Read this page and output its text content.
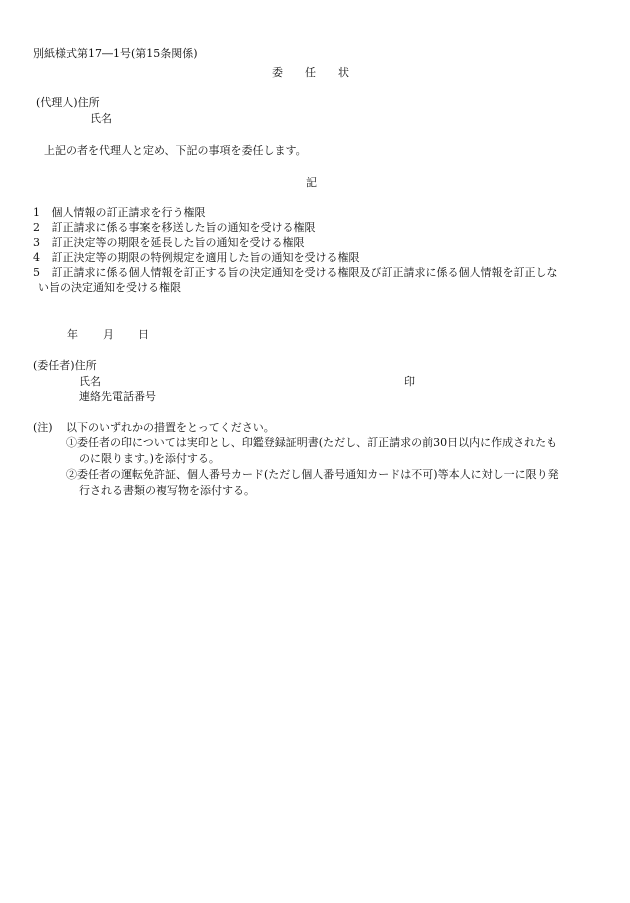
別紙様式第17―1号(第15条関係)
委　　任　　状
(代理人)住所
氏名
上記の者を代理人と定め、下記の事項を委任します。
記
1 個人情報の訂正請求を行う権限
2 訂正請求に係る事案を移送した旨の通知を受ける権限
3 訂正決定等の期限を延長した旨の通知を受ける権限
4 訂正決定等の期限の特例規定を適用した旨の通知を受ける権限
5 訂正請求に係る個人情報を訂正する旨の決定通知を受ける権限及び訂正請求に係る個人情報を訂正しな
い旨の決定通知を受ける権限
年 月 日
(委任者)住所
氏名	印
連絡先電話番号
(注) 以下のいずれかの措置をとってください。
①委任者の印については実印とし、印鑑登録証明書(ただし、訂正請求の前30日以内に作成されたも
のに限ります。)を添付する。
②委任者の運転免許証、個人番号カード(ただし個人番号通知カードは不可)等本人に対し一に限り発
行される書類の複写物を添付する。
